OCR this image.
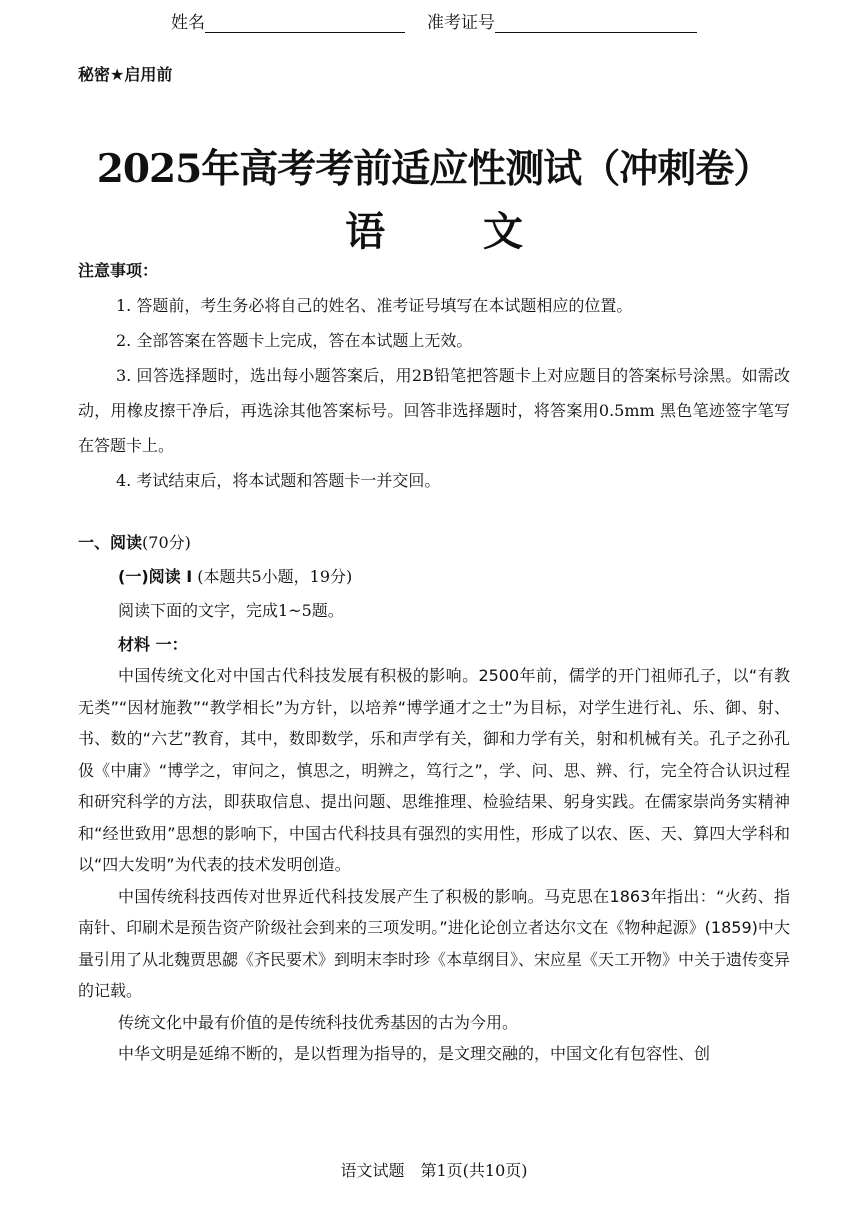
姓名	准考证号
秘密★启用前
2025年高考考前适应性测试（冲刺卷）
语 文
注意事项：

1. 答题前，考生务必将自己的姓名、准考证号填写在本试题相应的位置。

2. 全部答案在答题卡上完成，答在本试题上无效。

3. 回答选择题时，选出每小题答案后，用2B铅笔把答题卡上对应题目的答案标号涂黑。如需改动，用橡皮擦干净后，再选涂其他答案标号。回答非选择题时，将答案用0.5mm 黑色笔迹签字笔写在答题卡上。

4. 考试结束后，将本试题和答题卡一并交回。

一、阅读(70分)
(一)阅读 I (本题共5小题，19分)
阅读下面的文字，完成1~5题。
材料 一：

中国传统文化对中国古代科技发展有积极的影响。2500年前，儒学的开门祖师孔子，以“有教无类”“因材施教”“教学相长”为方针，以培养“博学通才之士”为目标，对学生进行礼、乐、御、射、书、数的“六艺”教育，其中，数即数学，乐和声学有关，御和力学有关，射和机械有关。孔子之孙孔伋《中庸》“博学之，审问之，慎思之，明辨之，笃行之”，学、问、思、辨、行，完全符合认识过程和研究科学的方法，即获取信息、提出问题、思维推理、检验结果、躬身实践。在儒家崇尚务实精神和“经世致用”思想的影响下，中国古代科技具有强烈的实用性，形成了以农、医、天、算四大学科和以“四大发明”为代表的技术发明创造。

中国传统科技西传对世界近代科技发展产生了积极的影响。马克思在1863年指出：“火药、指南针、印刷术是预告资产阶级社会到来的三项发明。”进化论创立者达尔文在《物种起源》(1859)中大量引用了从北魏贾思勰《齐民要术》到明末李时珍《本草纲目》、宋应星《天工开物》中关于遗传变异的记载。

传统文化中最有价值的是传统科技优秀基因的古为今用。

中华文明是延绵不断的，是以哲理为指导的，是文理交融的，中国文化有包容性、创

语文试题　第1页(共10页)
